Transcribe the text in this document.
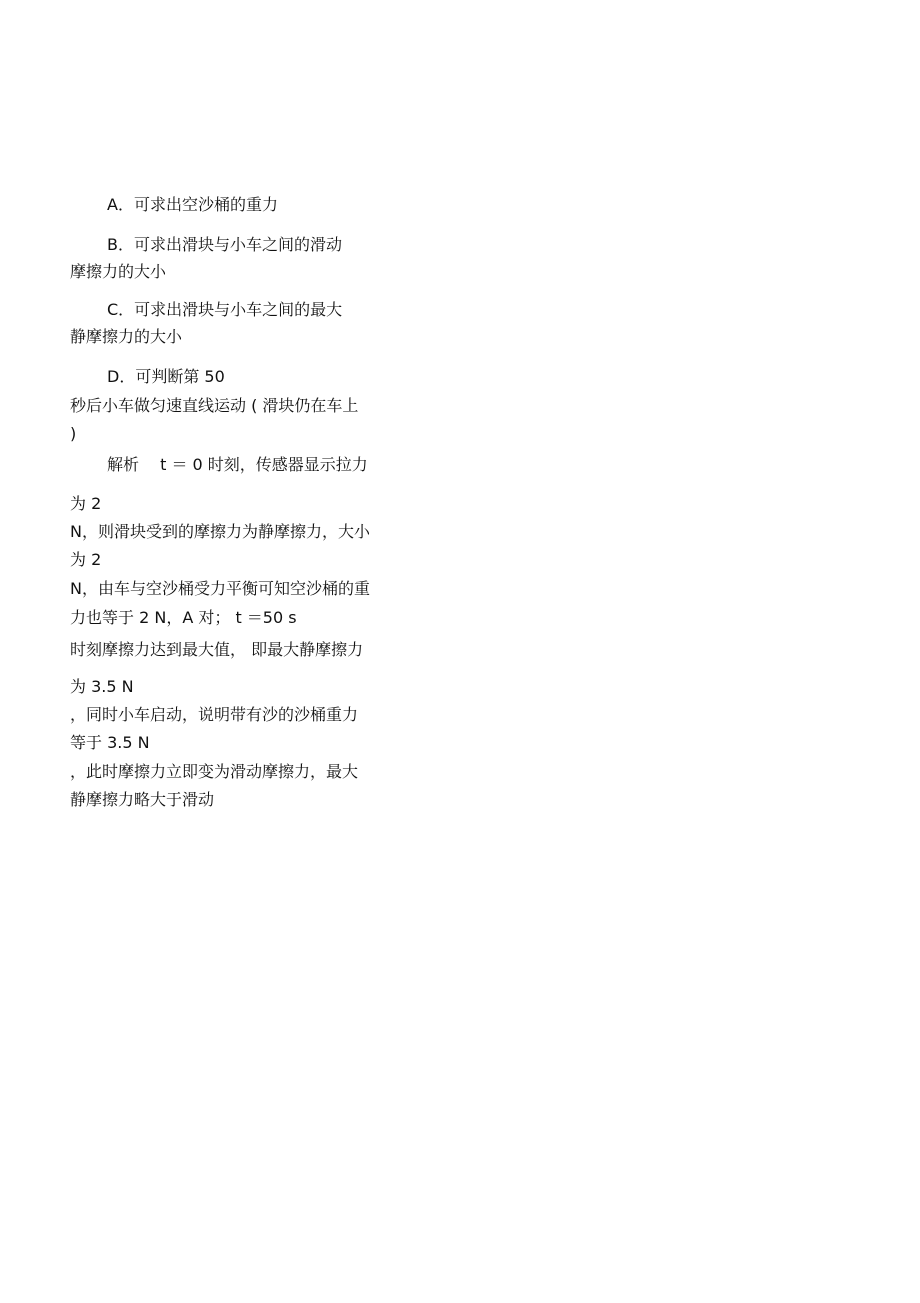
A．可求出空沙桶的重力
B．可求出滑块与小车之间的滑动
摩擦力的大小
C．可求出滑块与小车之间的最大
静摩擦力的大小
D．可判断第 50
秒后小车做匀速直线运动 ( 滑块仍在车上
)
解析　 t ＝ 0 时刻，传感器显示拉力
为 2
N，则滑块受到的摩擦力为静摩擦力，大小
为 2
N，由车与空沙桶受力平衡可知空沙桶的重
力也等于 2 N，A 对； t ＝50 s
时刻摩擦力达到最大值， 即最大静摩擦力
为 3.5 N
，同时小车启动，说明带有沙的沙桶重力
等于 3.5 N
，此时摩擦力立即变为滑动摩擦力，最大
静摩擦力略大于滑动
